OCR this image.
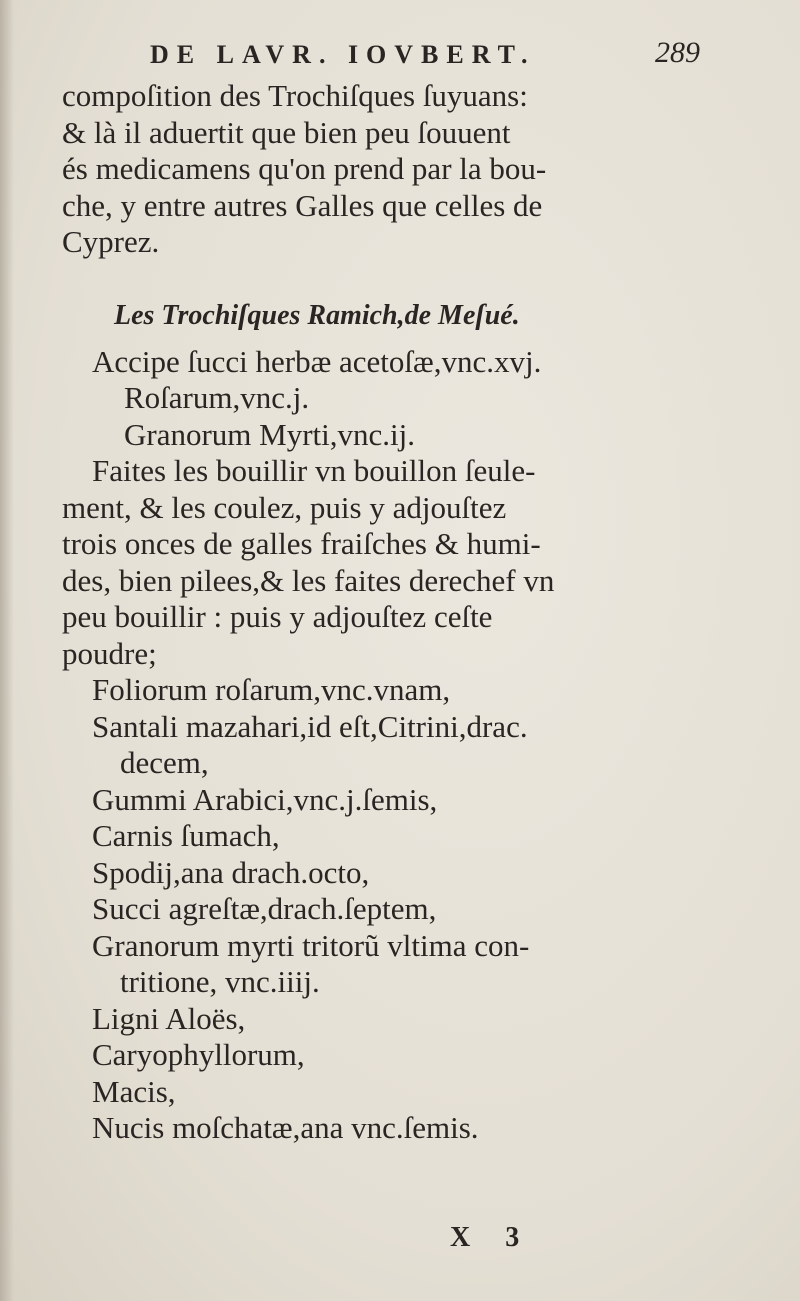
DE LAVR. IOVBERT.	289
compoſition des Trochiſques ſuyuans:
& là il aduertit que bien peu ſouuent
és medicamens qu'on prend par la bou-
che, y entre autres Galles que celles de
Cyprez.
Les Trochiſques Ramich,de Meſué.
Accipe ſucci herbæ acetoſæ,vnc.xvj.
Roſarum,vnc.j.
Granorum Myrti,vnc.ij.
Faites les bouillir vn bouillon ſeule-
ment, & les coulez, puis y adjouſtez
trois onces de galles fraiſches & humi-
des, bien pilees,& les faites derechef vn
peu bouillir : puis y adjouſtez ceſte
poudre;
Foliorum roſarum,vnc.vnam,
Santali mazahari,id eſt,Citrini,drac.
decem,
Gummi Arabici,vnc.j.ſemis,
Carnis ſumach,
Spodij,ana drach.octo,
Succi agreſtæ,drach.ſeptem,
Granorum myrti tritorũ vltima con-
tritione, vnc.iiij.
Ligni Aloës,
Caryophyllorum,
Macis,
Nucis moſchatæ,ana vnc.ſemis.
X 3
